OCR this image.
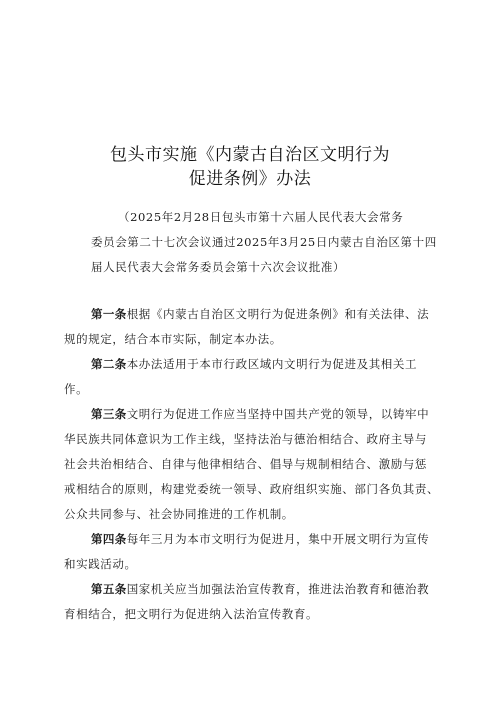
包头市实施《内蒙古自治区文明行为
促进条例》办法
（2025年2月28日包头市第十六届人民代表大会常务
委员会第二十七次会议通过2025年3月25日内蒙古自治区第十四
届人民代表大会常务委员会第十六次会议批准）
第一条根据《内蒙古自治区文明行为促进条例》和有关法律、法
规的规定，结合本市实际，制定本办法。
第二条本办法适用于本市行政区域内文明行为促进及其相关工
作。
第三条文明行为促进工作应当坚持中国共产党的领导，以铸牢中
华民族共同体意识为工作主线，坚持法治与德治相结合、政府主导与
社会共治相结合、自律与他律相结合、倡导与规制相结合、激励与惩
戒相结合的原则，构建党委统一领导、政府组织实施、部门各负其责、
公众共同参与、社会协同推进的工作机制。
第四条每年三月为本市文明行为促进月，集中开展文明行为宣传
和实践活动。
第五条国家机关应当加强法治宣传教育，推进法治教育和德治教
育相结合，把文明行为促进纳入法治宣传教育。
